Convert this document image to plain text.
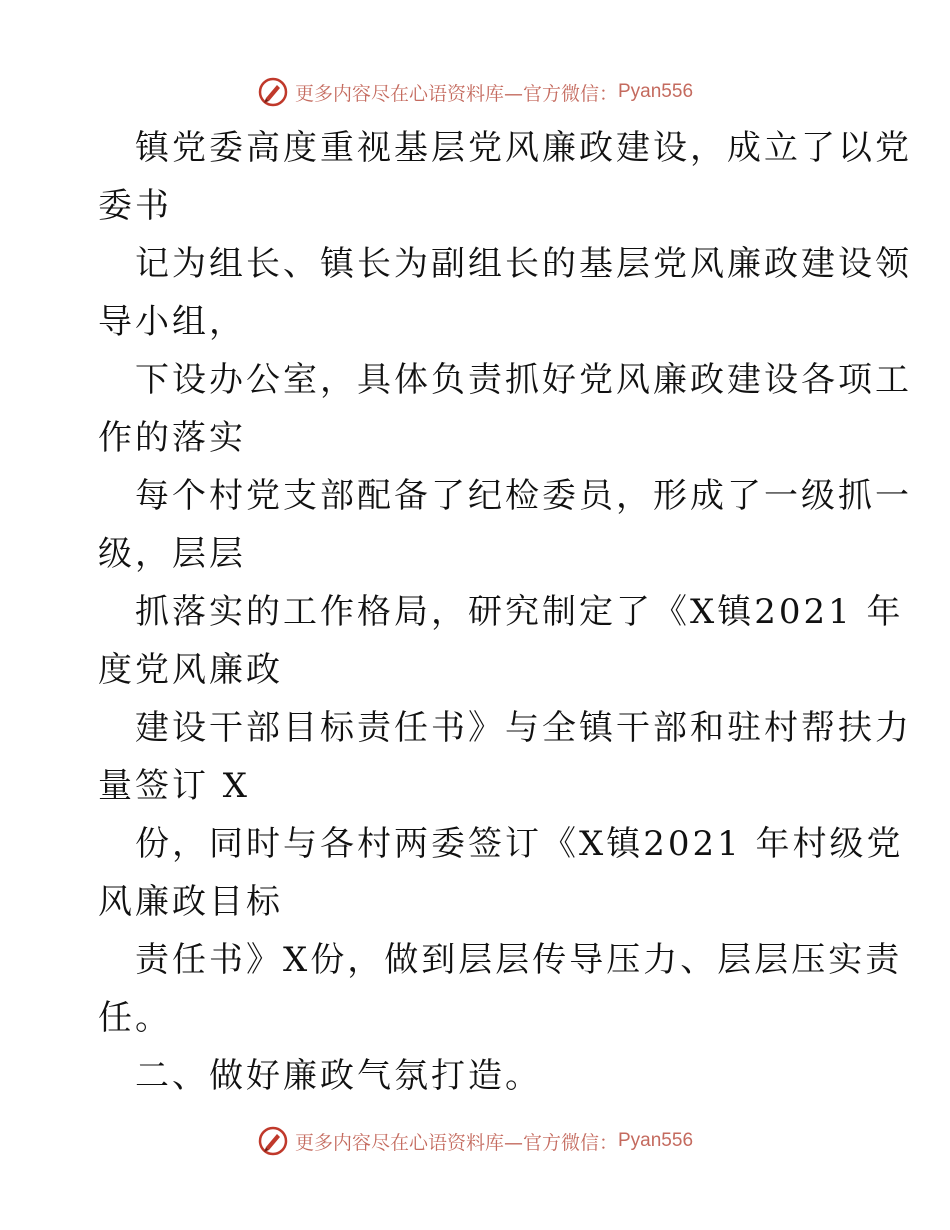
更多内容尽在心语资料库—官方微信： Pyan556
镇党委高度重视基层党风廉政建设，成立了以党
委书
记为组长、镇长为副组长的基层党风廉政建设领
导小组，
下设办公室，具体负责抓好党风廉政建设各项工
作的落实
每个村党支部配备了纪检委员，形成了一级抓一
级，层层
抓落实的工作格局，研究制定了《X镇2021 年
度党风廉政
建设干部目标责任书》与全镇干部和驻村帮扶力
量签订 X
份，同时与各村两委签订《X镇2021 年村级党
风廉政目标
责任书》X份，做到层层传导压力、层层压实责
任。
二、做好廉政气氛打造。
更多内容尽在心语资料库—官方微信： Pyan556
